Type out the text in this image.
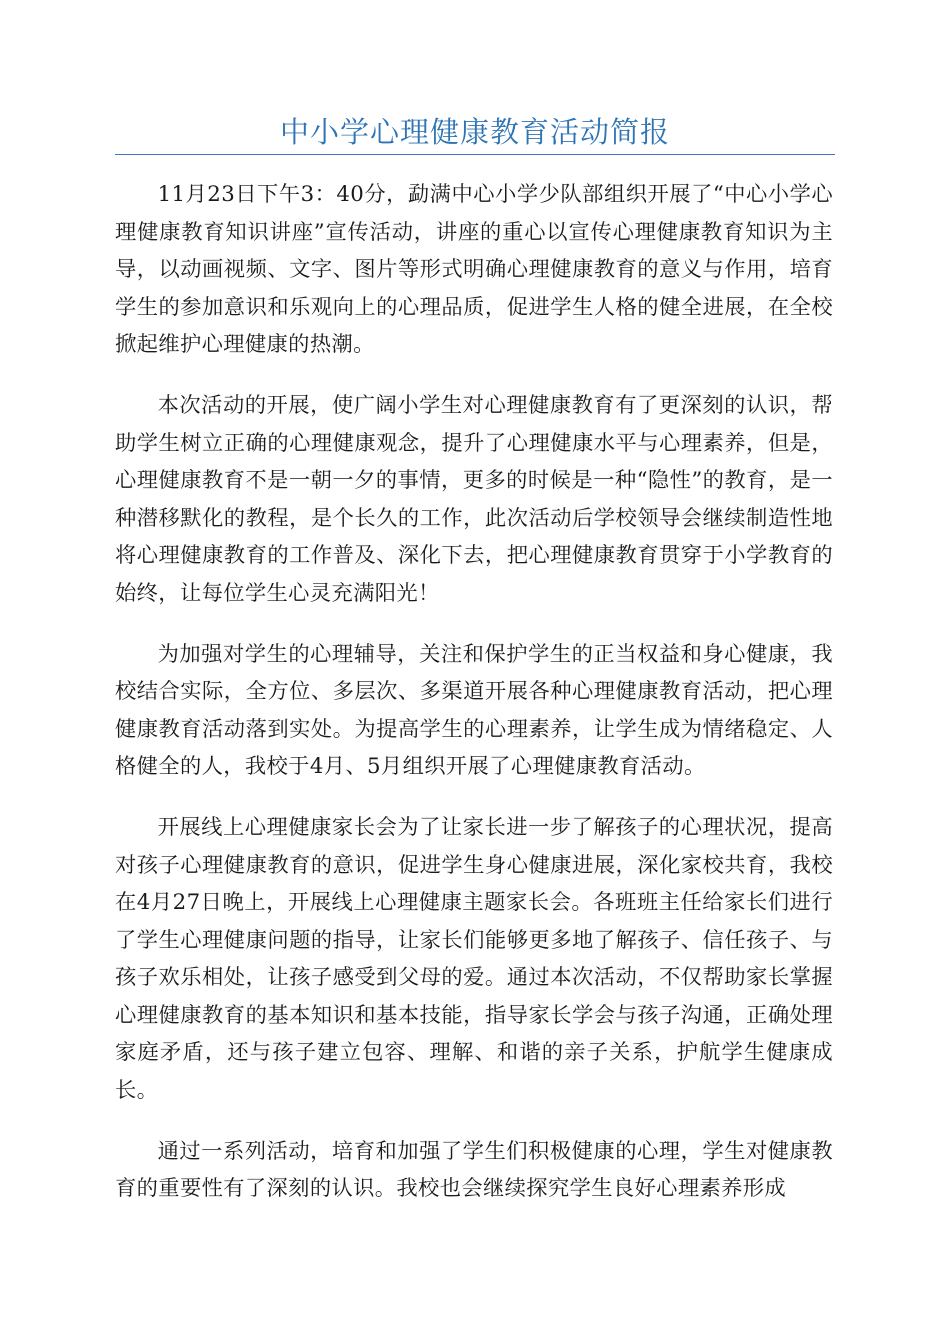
中小学心理健康教育活动简报

11月23日下午3：40分，勐满中心小学少队部组织开展了“中心小学心理健康教育知识讲座”宣传活动，讲座的重心以宣传心理健康教育知识为主导，以动画视频、文字、图片等形式明确心理健康教育的意义与作用，培育学生的参加意识和乐观向上的心理品质，促进学生人格的健全进展，在全校掀起维护心理健康的热潮。

本次活动的开展，使广阔小学生对心理健康教育有了更深刻的认识，帮助学生树立正确的心理健康观念，提升了心理健康水平与心理素养，但是，心理健康教育不是一朝一夕的事情，更多的时候是一种“隐性”的教育，是一种潜移默化的教程，是个长久的工作，此次活动后学校领导会继续制造性地将心理健康教育的工作普及、深化下去，把心理健康教育贯穿于小学教育的始终，让每位学生心灵充满阳光！

为加强对学生的心理辅导，关注和保护学生的正当权益和身心健康，我校结合实际，全方位、多层次、多渠道开展各种心理健康教育活动，把心理健康教育活动落到实处。为提高学生的心理素养，让学生成为情绪稳定、人格健全的人，我校于4月、5月组织开展了心理健康教育活动。

开展线上心理健康家长会为了让家长进一步了解孩子的心理状况，提高对孩子心理健康教育的意识，促进学生身心健康进展，深化家校共育，我校在4月27日晚上，开展线上心理健康主题家长会。各班班主任给家长们进行了学生心理健康问题的指导，让家长们能够更多地了解孩子、信任孩子、与孩子欢乐相处，让孩子感受到父母的爱。通过本次活动，不仅帮助家长掌握心理健康教育的基本知识和基本技能，指导家长学会与孩子沟通，正确处理家庭矛盾，还与孩子建立包容、理解、和谐的亲子关系，护航学生健康成长。

通过一系列活动，培育和加强了学生们积极健康的心理，学生对健康教育的重要性有了深刻的认识。我校也会继续探究学生良好心理素养形成
